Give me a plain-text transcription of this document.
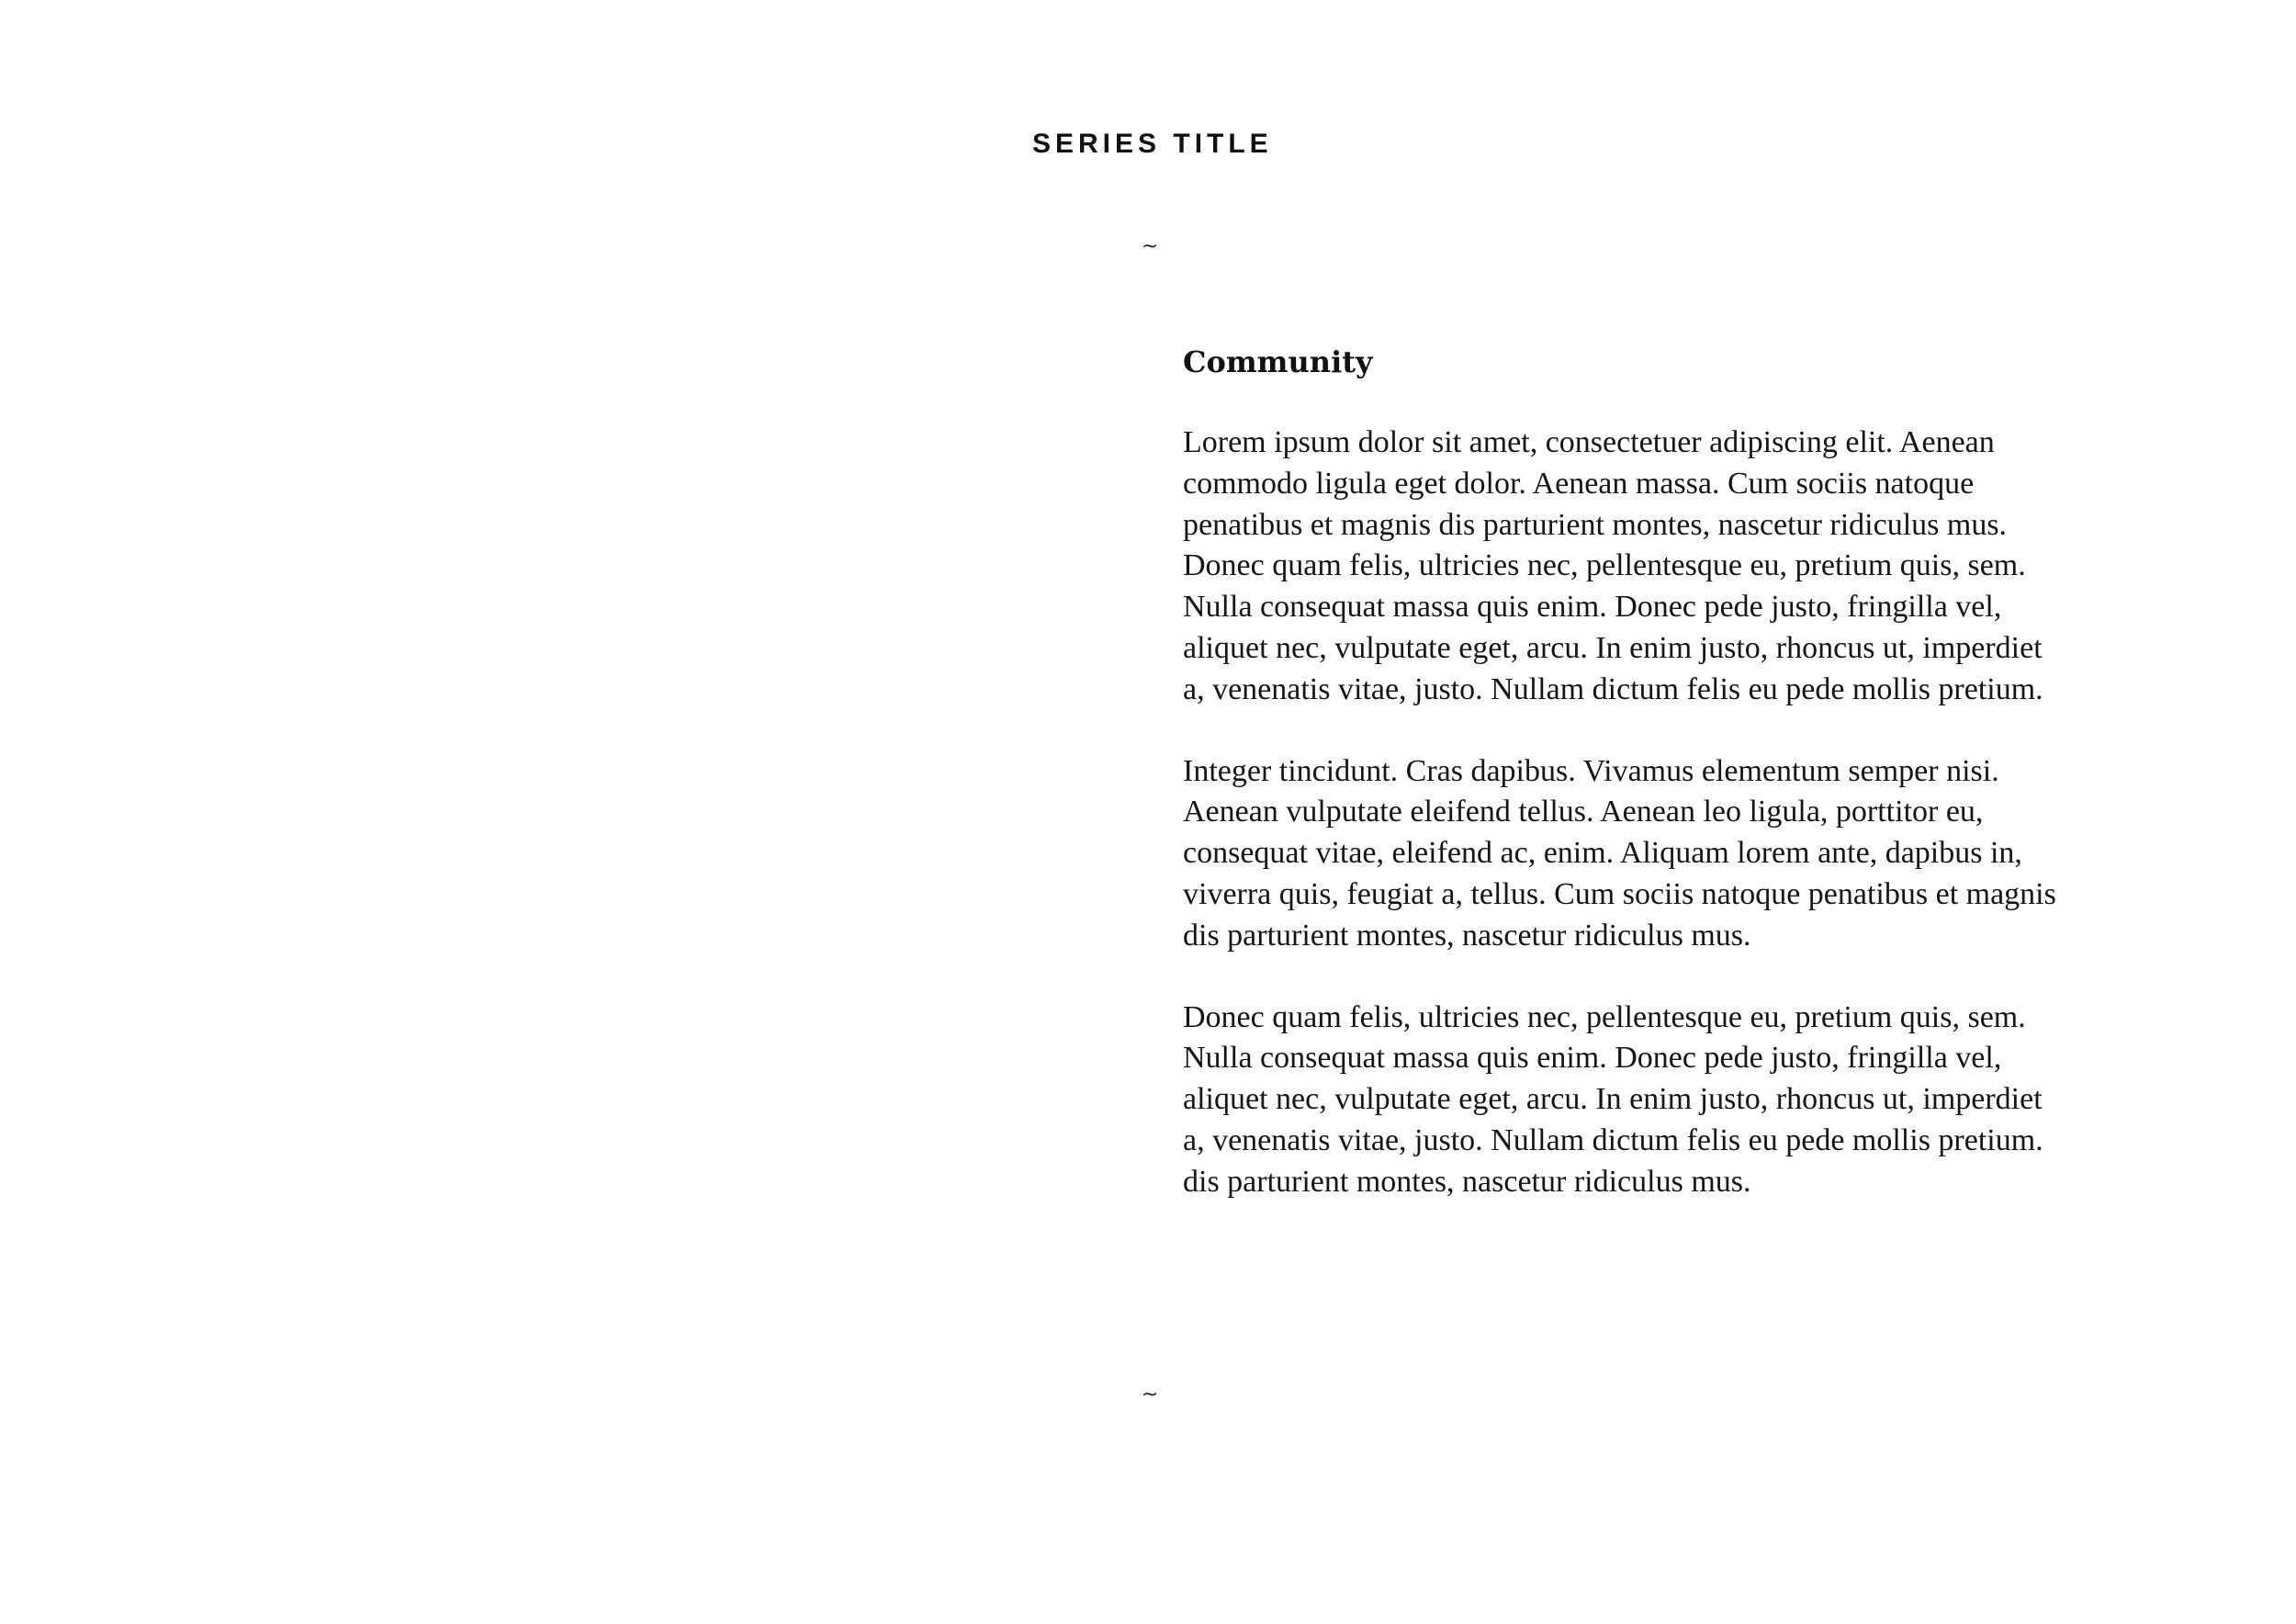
SERIES TITLE
~
Community

Lorem ipsum dolor sit amet, consectetuer adipiscing elit. Aenean
commodo ligula eget dolor. Aenean massa. Cum sociis natoque
penatibus et magnis dis parturient montes, nascetur ridiculus mus.
Donec quam felis, ultricies nec, pellentesque eu, pretium quis, sem.
Nulla consequat massa quis enim. Donec pede justo, fringilla vel,
aliquet nec, vulputate eget, arcu. In enim justo, rhoncus ut, imperdiet
a, venenatis vitae, justo. Nullam dictum felis eu pede mollis pretium.

Integer tincidunt. Cras dapibus. Vivamus elementum semper nisi.
Aenean vulputate eleifend tellus. Aenean leo ligula, porttitor eu,
consequat vitae, eleifend ac, enim. Aliquam lorem ante, dapibus in,
viverra quis, feugiat a, tellus. Cum sociis natoque penatibus et magnis
dis parturient montes, nascetur ridiculus mus.

Donec quam felis, ultricies nec, pellentesque eu, pretium quis, sem.
Nulla consequat massa quis enim. Donec pede justo, fringilla vel,
aliquet nec, vulputate eget, arcu. In enim justo, rhoncus ut, imperdiet
a, venenatis vitae, justo. Nullam dictum felis eu pede mollis pretium.
dis parturient montes, nascetur ridiculus mus.

~
